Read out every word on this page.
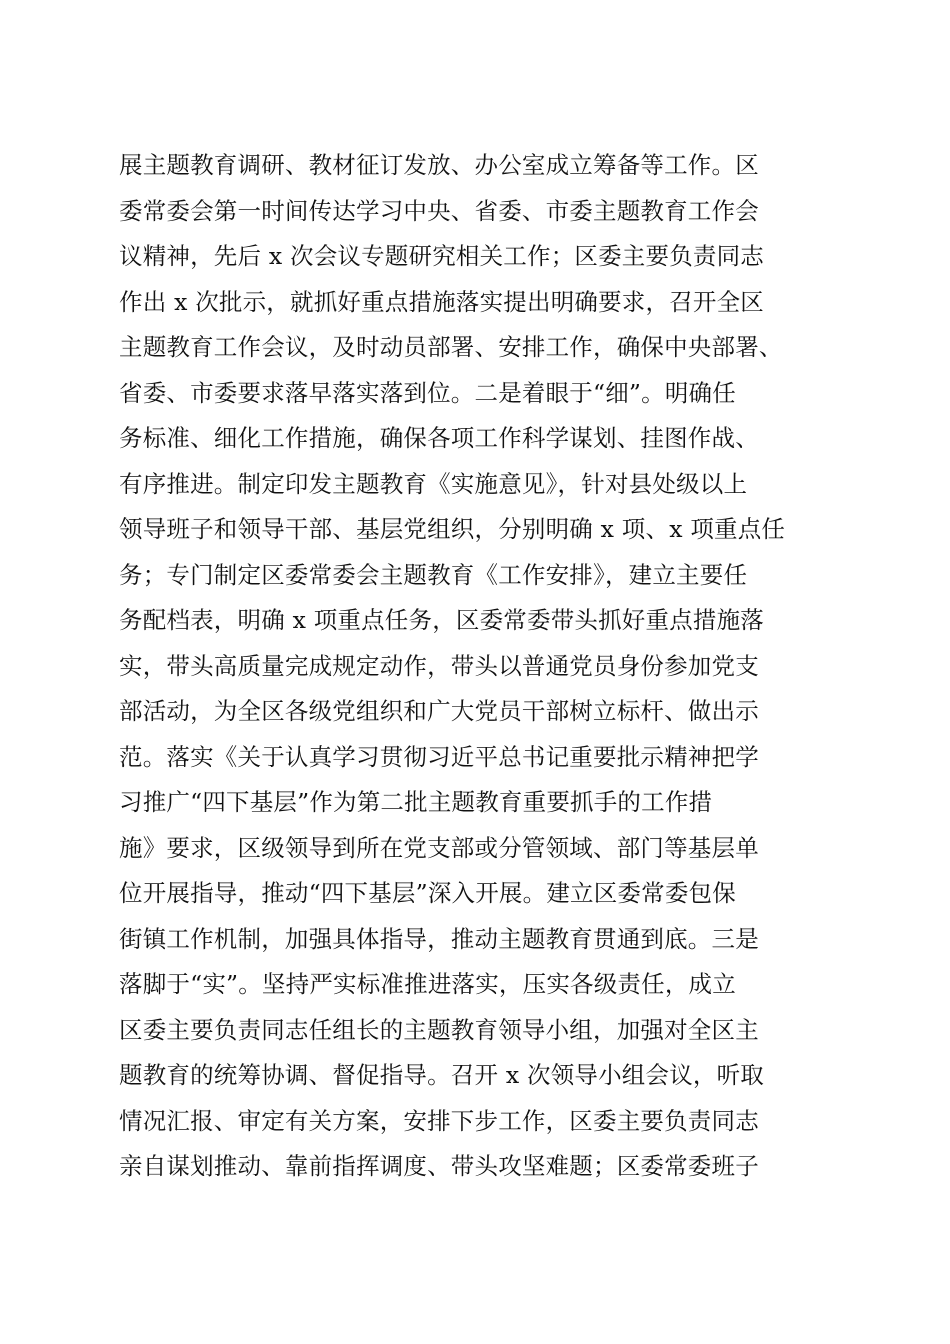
展主题教育调研、教材征订发放、办公室成立筹备等工作。区
委常委会第一时间传达学习中央、省委、市委主题教育工作会
议精神，先后 x 次会议专题研究相关工作；区委主要负责同志
作出 x 次批示，就抓好重点措施落实提出明确要求，召开全区
主题教育工作会议，及时动员部署、安排工作，确保中央部署、
省委、市委要求落早落实落到位。二是着眼于“细”。明确任
务标准、细化工作措施，确保各项工作科学谋划、挂图作战、
有序推进。制定印发主题教育《实施意见》，针对县处级以上
领导班子和领导干部、基层党组织，分别明确 x 项、x 项重点任
务；专门制定区委常委会主题教育《工作安排》，建立主要任
务配档表，明确 x 项重点任务，区委常委带头抓好重点措施落
实，带头高质量完成规定动作，带头以普通党员身份参加党支
部活动，为全区各级党组织和广大党员干部树立标杆、做出示
范。落实《关于认真学习贯彻习近平总书记重要批示精神把学
习推广“四下基层”作为第二批主题教育重要抓手的工作措
施》要求，区级领导到所在党支部或分管领域、部门等基层单
位开展指导，推动“四下基层”深入开展。建立区委常委包保
街镇工作机制，加强具体指导，推动主题教育贯通到底。三是
落脚于“实”。坚持严实标准推进落实，压实各级责任，成立
区委主要负责同志任组长的主题教育领导小组，加强对全区主
题教育的统筹协调、督促指导。召开 x 次领导小组会议，听取
情况汇报、审定有关方案，安排下步工作，区委主要负责同志
亲自谋划推动、靠前指挥调度、带头攻坚难题；区委常委班子
